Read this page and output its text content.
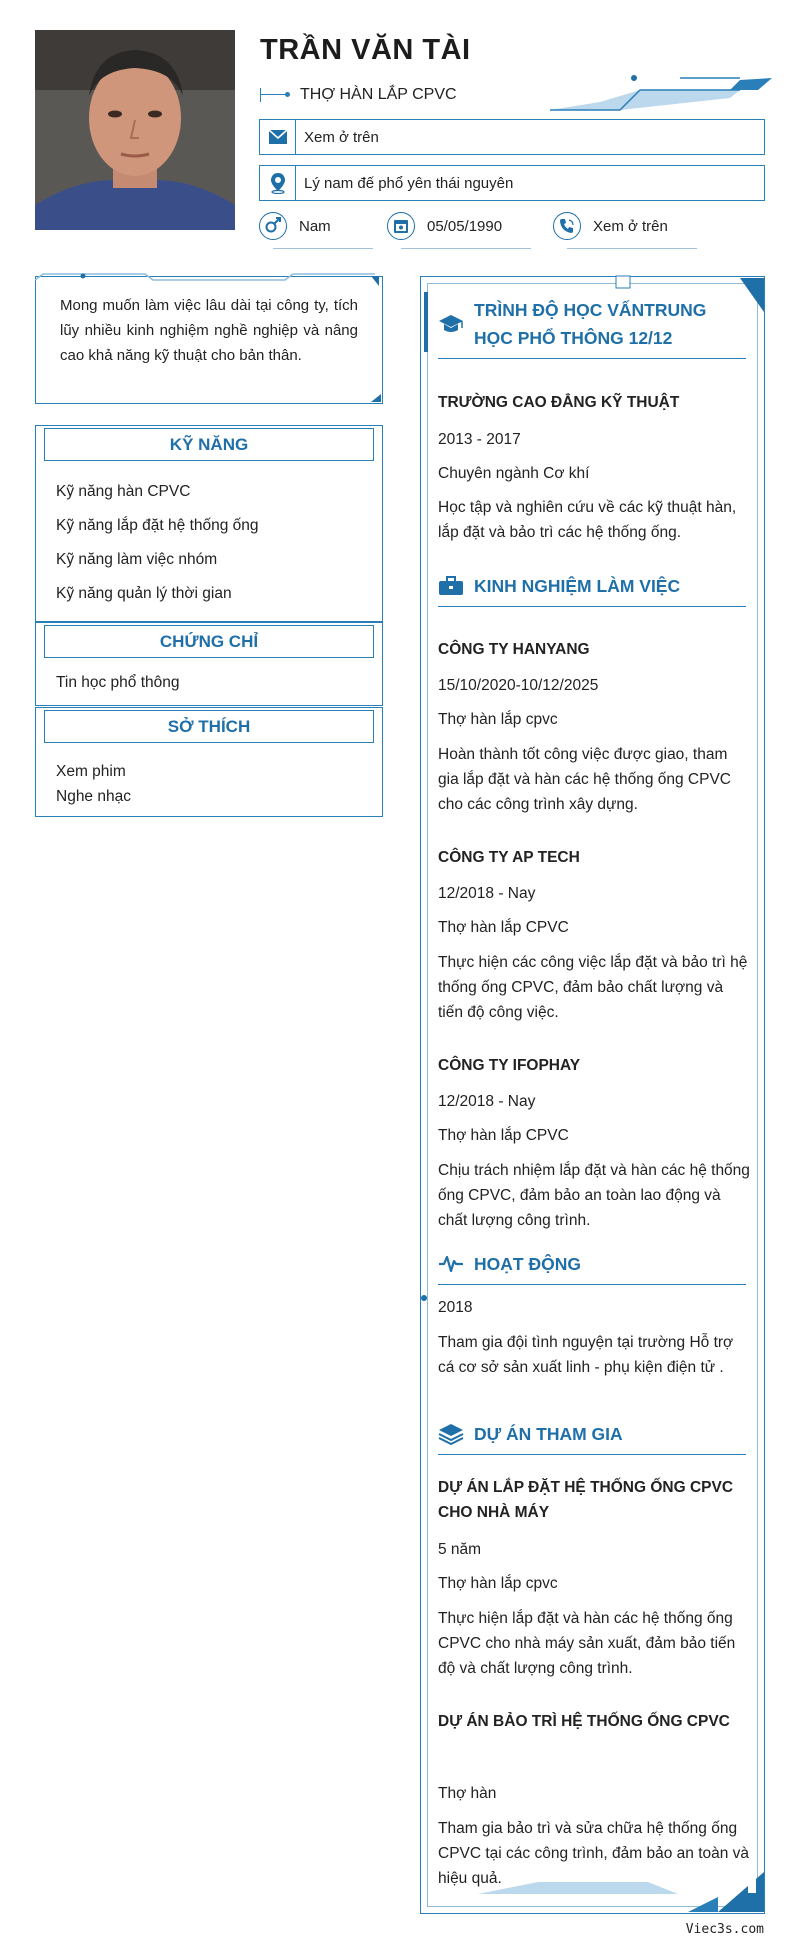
TRẦN VĂN TÀI
THỢ HÀN LẮP CPVC
Xem ở trên
Lý nam đế phổ yên thái nguyên
Nam	05/05/1990	Xem ở trên

Mong muốn làm việc lâu dài tại công ty, tích lũy nhiều kinh nghiệm nghề nghiệp và nâng cao khả năng kỹ thuật cho bản thân.

KỸ NĂNG
Kỹ năng hàn CPVC
Kỹ năng lắp đặt hệ thống ống
Kỹ năng làm việc nhóm
Kỹ năng quản lý thời gian
CHỨNG CHỈ
Tin học phổ thông
SỞ THÍCH
Xem phim
Nghe nhạc
TRÌNH ĐỘ HỌC VẤNTRUNG
HỌC PHỔ THÔNG 12/12
TRƯỜNG CAO ĐẲNG KỸ THUẬT
2013 - 2017
Chuyên ngành Cơ khí
Học tập và nghiên cứu về các kỹ thuật hàn, lắp đặt và bảo trì các hệ thống ống.
KINH NGHIỆM LÀM VIỆC
CÔNG TY HANYANG
15/10/2020-10/12/2025
Thợ hàn lắp cpvc
Hoàn thành tốt công việc được giao, tham gia lắp đặt và hàn các hệ thống ống CPVC cho các công trình xây dựng.
CÔNG TY AP TECH
12/2018 - Nay
Thợ hàn lắp CPVC
Thực hiện các công việc lắp đặt và bảo trì hệ thống ống CPVC, đảm bảo chất lượng và tiến độ công việc.
CÔNG TY IFOPHAY
12/2018 - Nay
Thợ hàn lắp CPVC
Chịu trách nhiệm lắp đặt và hàn các hệ thống ống CPVC, đảm bảo an toàn lao động và chất lượng công trình.
HOẠT ĐỘNG
2018
Tham gia đội tình nguyện tại trường Hỗ trợ cá cơ sở sản xuất linh - phụ kiện điện tử .
DỰ ÁN THAM GIA
DỰ ÁN LẮP ĐẶT HỆ THỐNG ỐNG CPVC CHO NHÀ MÁY
5 năm
Thợ hàn lắp cpvc
Thực hiện lắp đặt và hàn các hệ thống ống CPVC cho nhà máy sản xuất, đảm bảo tiến độ và chất lượng công trình.
DỰ ÁN BẢO TRÌ HỆ THỐNG ỐNG CPVC
Thợ hàn
Tham gia bảo trì và sửa chữa hệ thống ống CPVC tại các công trình, đảm bảo an toàn và hiệu quả.
Viec3s.com
